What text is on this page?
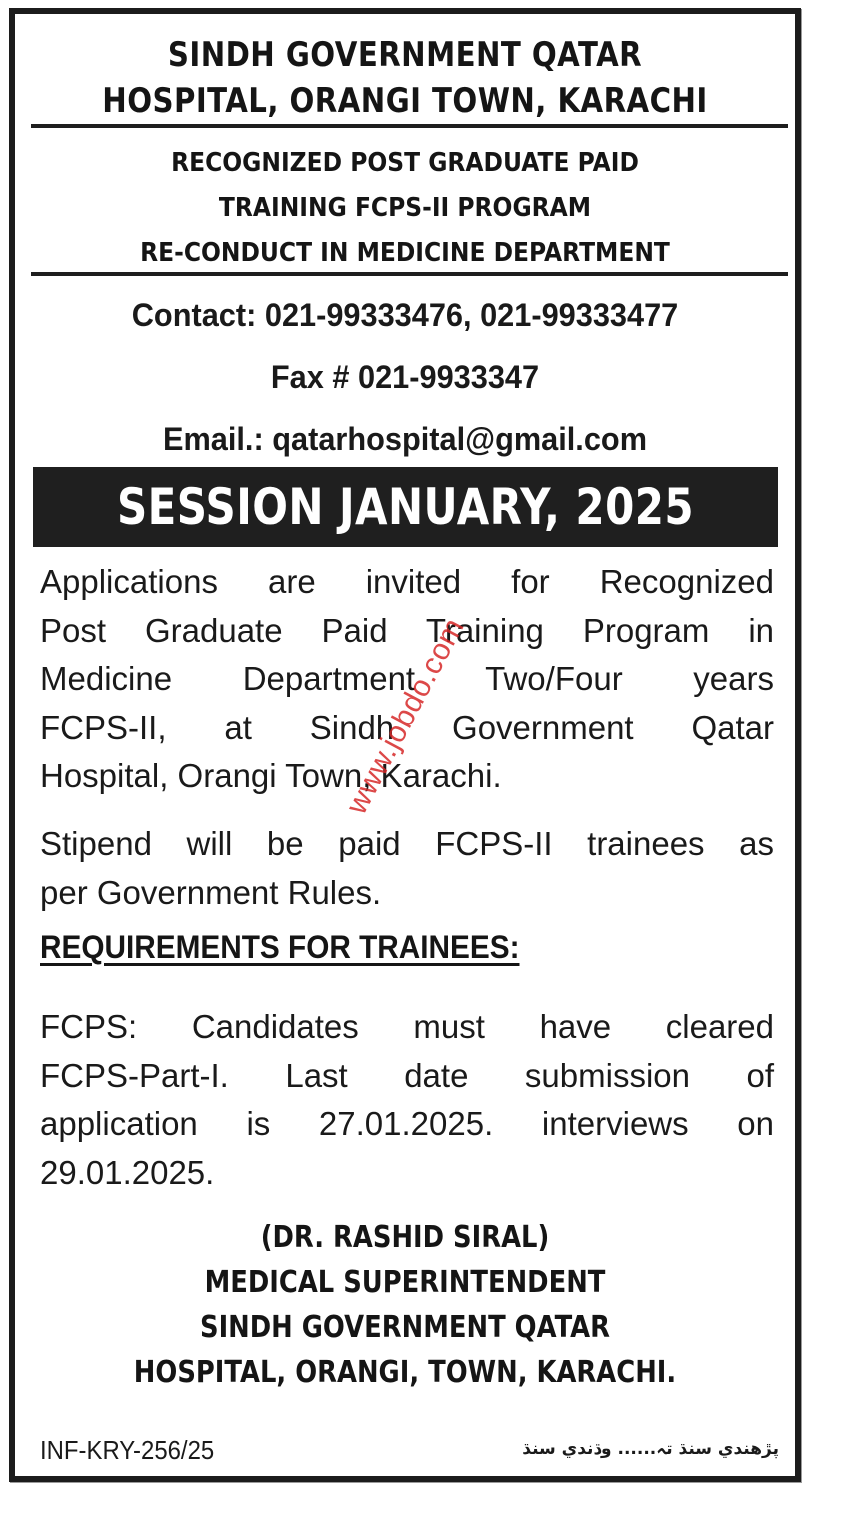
SINDH GOVERNMENT QATAR
HOSPITAL, ORANGI TOWN, KARACHI
RECOGNIZED POST GRADUATE PAID
TRAINING FCPS-II PROGRAM
RE-CONDUCT IN MEDICINE DEPARTMENT
Contact: 021-99333476, 021-99333477
Fax # 021-9933347
Email.: qatarhospital@gmail.com
SESSION JANUARY, 2025
Applications are invited for Recognized
Post Graduate Paid Training Program in
Medicine Department Two/Four years
FCPS-II, at Sindh Government Qatar
Hospital, Orangi Town, Karachi.
Stipend will be paid FCPS-II trainees as
per Government Rules.
REQUIREMENTS FOR TRAINEES:
FCPS: Candidates must have cleared
FCPS-Part-I. Last date submission of
application is 27.01.2025. interviews on
29.01.2025.
(DR. RASHID SIRAL)
MEDICAL SUPERINTENDENT
SINDH GOVERNMENT QATAR
HOSPITAL, ORANGI, TOWN, KARACHI.
INF-KRY-256/25	پڙهندي سنڌ تہ...... وڌندي سنڌ
www.jobdo.com
